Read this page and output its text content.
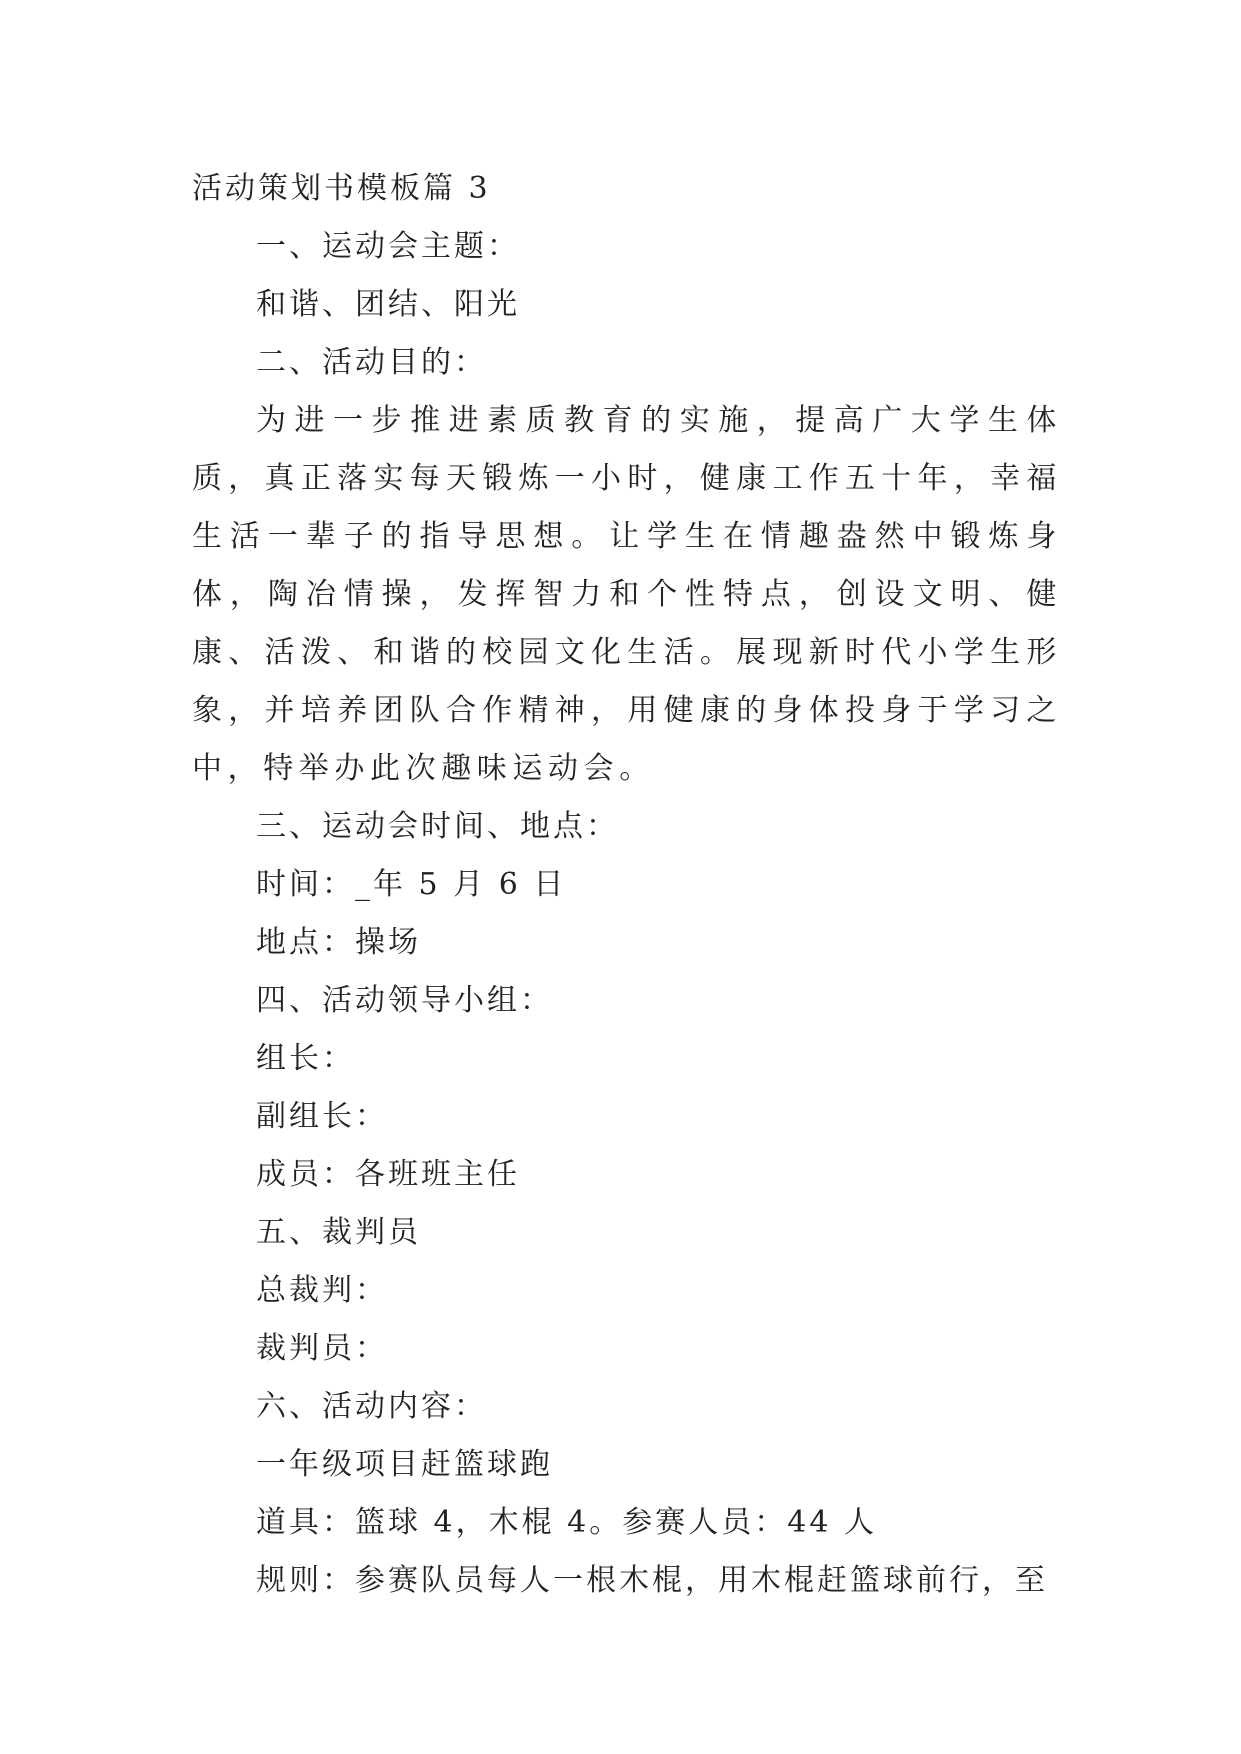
活动策划书模板篇 3
一、运动会主题：
和谐、团结、阳光
二、活动目的：

为进一步推进素质教育的实施，提高广大学生体质，真正落实每天锻炼一小时，健康工作五十年，幸福生活一辈子的指导思想。让学生在情趣盎然中锻炼身体，陶冶情操，发挥智力和个性特点，创设文明、健康、活泼、和谐的校园文化生活。展现新时代小学生形象，并培养团队合作精神，用健康的身体投身于学习之中，特举办此次趣味运动会。

三、运动会时间、地点：
时间：_年 5 月 6 日
地点：操场
四、活动领导小组：
组长：
副组长：
成员：各班班主任
五、裁判员
总裁判：
裁判员：
六、活动内容：
一年级项目赶篮球跑
道具：篮球 4，木棍 4。参赛人员：44 人
规则：参赛队员每人一根木棍，用木棍赶篮球前行，至
